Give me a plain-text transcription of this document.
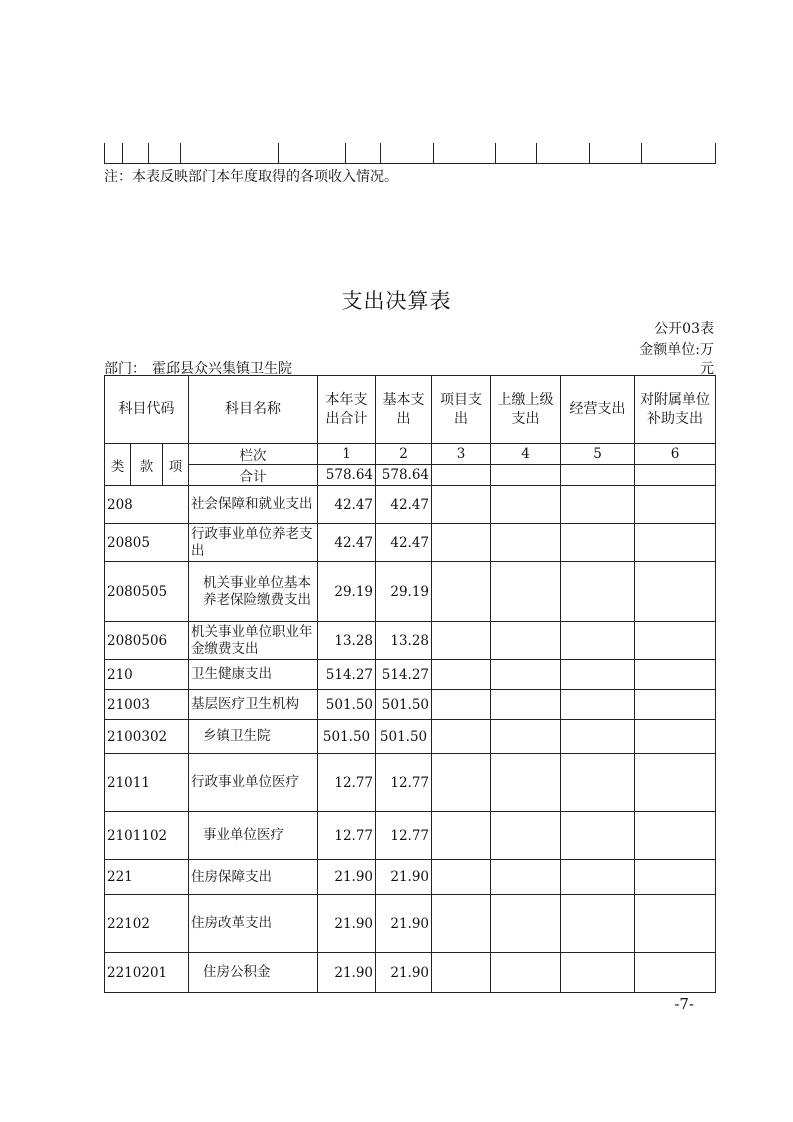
注：本表反映部门本年度取得的各项收入情况。
支出决算表
公开03表
金额单位:万
元
部门： 霍邱县众兴集镇卫生院
科目代码			科目名称	本年支出合计	基本支出	项目支出	上缴上级支出	经营支出	对附属单位补助支出
类	款	项	栏次	1	2	3	4	5	6
			合计	578.64	578.64				
208			社会保障和就业支出	42.47	42.47				
20805			行政事业单位养老支出	42.47	42.47				
2080505			机关事业单位基本养老保险缴费支出	29.19	29.19				
2080506			机关事业单位职业年金缴费支出	13.28	13.28				
210			卫生健康支出	514.27	514.27				
21003			基层医疗卫生机构	501.50	501.50				
2100302			乡镇卫生院	501.50	501.50				
21011			行政事业单位医疗	12.77	12.77				
2101102			事业单位医疗	12.77	12.77				
221			住房保障支出	21.90	21.90				
22102			住房改革支出	21.90	21.90				
2210201			住房公积金	21.90	21.90				
-7-
